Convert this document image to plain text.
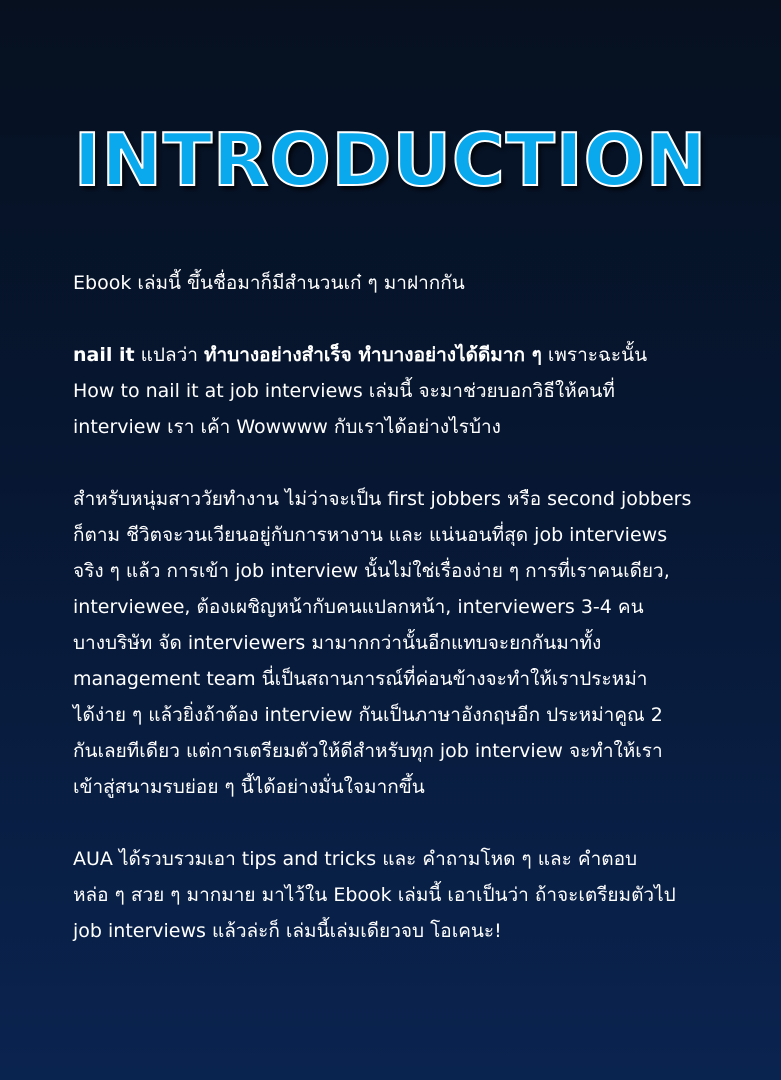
INTRODUCTION

Ebook เล่มนี้ ขึ้นชื่อมาก็มีสำนวนเก๋ ๆ มาฝากกัน

nail it แปลว่า ทำบางอย่างสำเร็จ ทำบางอย่างได้ดีมาก ๆ เพราะฉะนั้น
How to nail it at job interviews เล่มนี้ จะมาช่วยบอกวิธีให้คนที่
interview เรา เค้า Wowwww กับเราได้อย่างไรบ้าง

สำหรับหนุ่มสาววัยทำงาน ไม่ว่าจะเป็น first jobbers หรือ second jobbers
ก็ตาม ชีวิตจะวนเวียนอยู่กับการหางาน และ แน่นอนที่สุด job interviews
จริง ๆ แล้ว การเข้า job interview นั้นไม่ใช่เรื่องง่าย ๆ การที่เราคนเดียว,
interviewee, ต้องเผชิญหน้ากับคนแปลกหน้า, interviewers 3-4 คน
บางบริษัท จัด interviewers มามากกว่านั้นอีกแทบจะยกกันมาทั้ง
management team นี่เป็นสถานการณ์ที่ค่อนข้างจะทำให้เราประหม่า
ได้ง่าย ๆ แล้วยิ่งถ้าต้อง interview กันเป็นภาษาอังกฤษอีก ประหม่าคูณ 2
กันเลยทีเดียว แต่การเตรียมตัวให้ดีสำหรับทุก job interview จะทำให้เรา
เข้าสู่สนามรบย่อย ๆ นี้ได้อย่างมั่นใจมากขึ้น

AUA ได้รวบรวมเอา tips and tricks และ คำถามโหด ๆ และ คำตอบ
หล่อ ๆ สวย ๆ มากมาย มาไว้ใน Ebook เล่มนี้ เอาเป็นว่า ถ้าจะเตรียมตัวไป
job interviews แล้วล่ะก็ เล่มนี้เล่มเดียวจบ โอเคนะ!
